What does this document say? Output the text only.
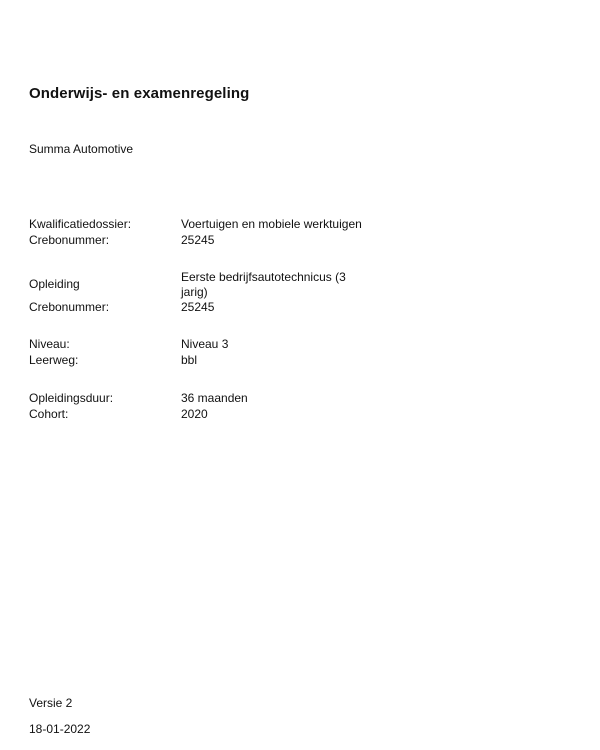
Onderwijs- en examenregeling
Summa Automotive
Kwalificatiedossier:	Voertuigen en mobiele werktuigen
Crebonummer:	25245
Opleiding	Eerste bedrijfsautotechnicus (3 jarig)
Crebonummer:	25245
Niveau:	Niveau 3
Leerweg:	bbl
Opleidingsduur:	36 maanden
Cohort:	2020
Versie 2
18-01-2022
